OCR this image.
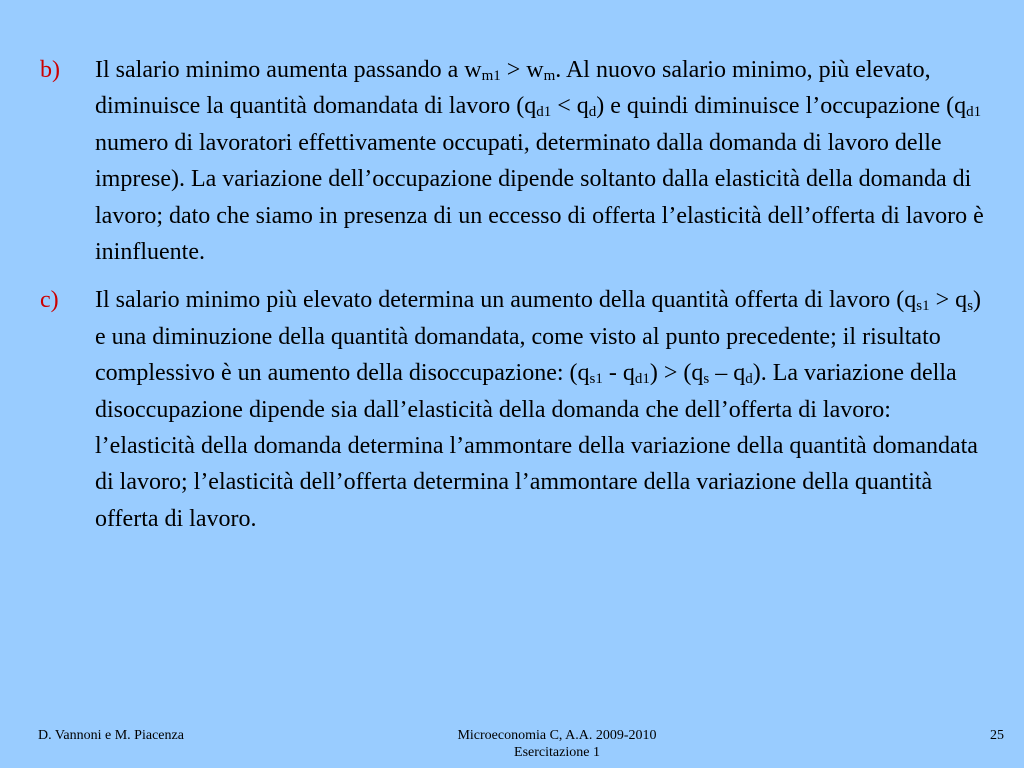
b) Il salario minimo aumenta passando a $w_{m1} > w_m$. Al nuovo salario minimo, più elevato, diminuisce la quantità domandata di lavoro $(q_{d1} < q_d)$ e quindi diminuisce l’occupazione ($q_{d1}$ numero di lavoratori effettivamente occupati, determinato dalla domanda di lavoro delle imprese). La variazione dell’occupazione dipende soltanto dalla elasticità della domanda di lavoro; dato che siamo in presenza di un eccesso di offerta l’elasticità dell’offerta di lavoro è ininfluente.

c) Il salario minimo più elevato determina un aumento della quantità offerta di lavoro $(q_{s1} > q_s)$ e una diminuzione della quantità domandata, come visto al punto precedente; il risultato complessivo è un aumento della disoccupazione: $(q_{s1} - q_{d1}) > (q_s - q_d)$. La variazione della disoccupazione dipende sia dall’elasticità della domanda che dell’offerta di lavoro: l’elasticità della domanda determina l’ammontare della variazione della quantità domandata di lavoro; l’elasticità dell’offerta determina l’ammontare della variazione della quantità offerta di lavoro.

D. Vannoni e M. Piacenza	Microeconomia C, A.A. 2009-2010
Esercitazione 1
25
